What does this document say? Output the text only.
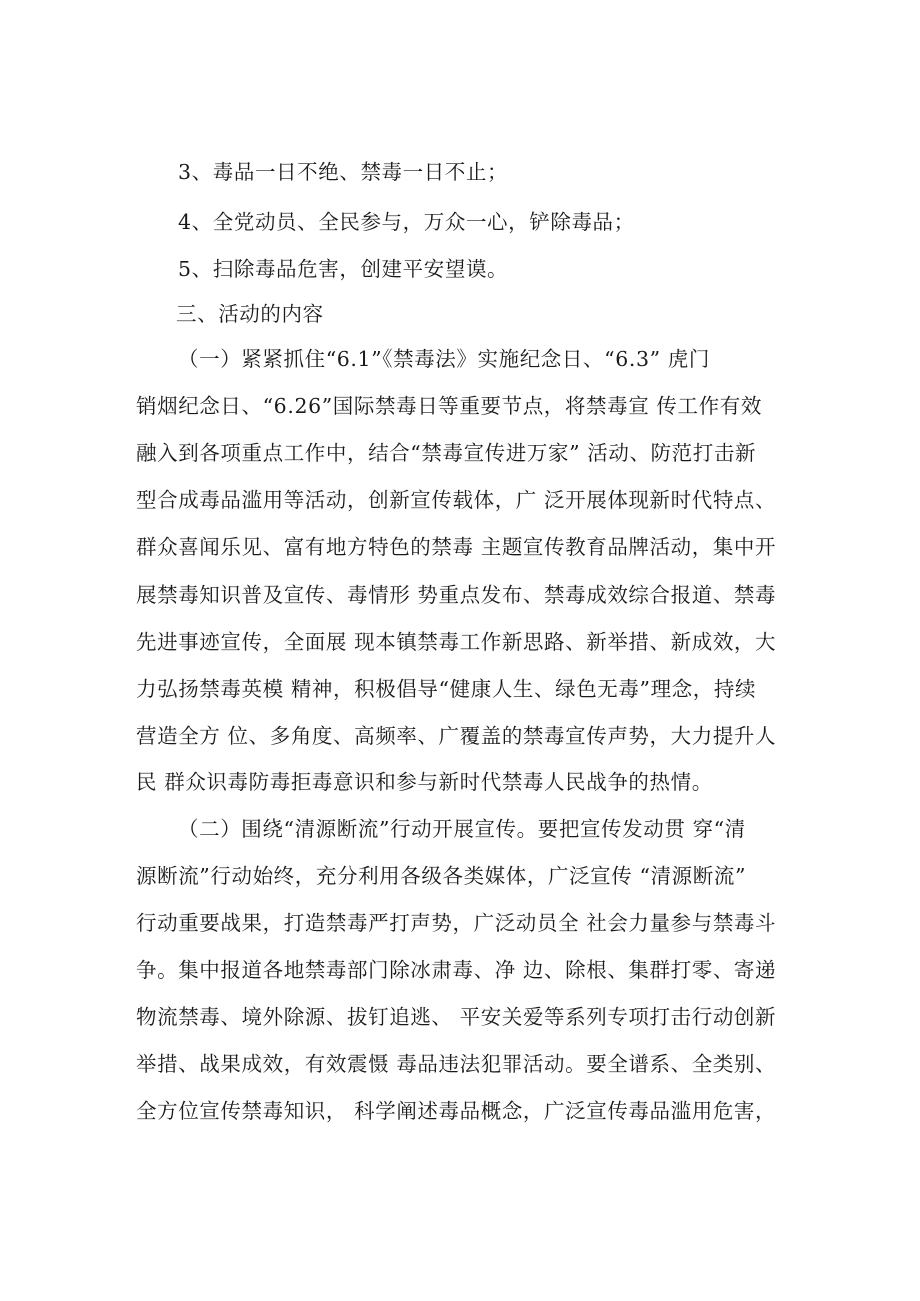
3、毒品一日不绝、禁毒一日不止；
4、全党动员、全民参与，万众一心，铲除毒品；
5、扫除毒品危害，创建平安望谟。
三、活动的内容
（一）紧紧抓住“6.1”《禁毒法》实施纪念日、“6.3” 虎门
销烟纪念日、“6.26”国际禁毒日等重要节点，将禁毒宣 传工作有效
融入到各项重点工作中，结合“禁毒宣传进万家” 活动、防范打击新
型合成毒品滥用等活动，创新宣传载体，广 泛开展体现新时代特点、
群众喜闻乐见、富有地方特色的禁毒 主题宣传教育品牌活动，集中开
展禁毒知识普及宣传、毒情形 势重点发布、禁毒成效综合报道、禁毒
先进事迹宣传，全面展 现本镇禁毒工作新思路、新举措、新成效，大
力弘扬禁毒英模 精神，积极倡导“健康人生、绿色无毒”理念，持续
营造全方 位、多角度、高频率、广覆盖的禁毒宣传声势，大力提升人
民 群众识毒防毒拒毒意识和参与新时代禁毒人民战争的热情。
（二）围绕“清源断流”行动开展宣传。要把宣传发动贯 穿“清
源断流”行动始终，充分利用各级各类媒体，广泛宣传 “清源断流”
行动重要战果，打造禁毒严打声势，广泛动员全 社会力量参与禁毒斗
争。集中报道各地禁毒部门除冰肃毒、净 边、除根、集群打零、寄递
物流禁毒、境外除源、拔钉追逃、 平安关爱等系列专项打击行动创新
举措、战果成效，有效震慑 毒品违法犯罪活动。要全谱系、全类别、
全方位宣传禁毒知识， 科学阐述毒品概念，广泛宣传毒品滥用危害，
